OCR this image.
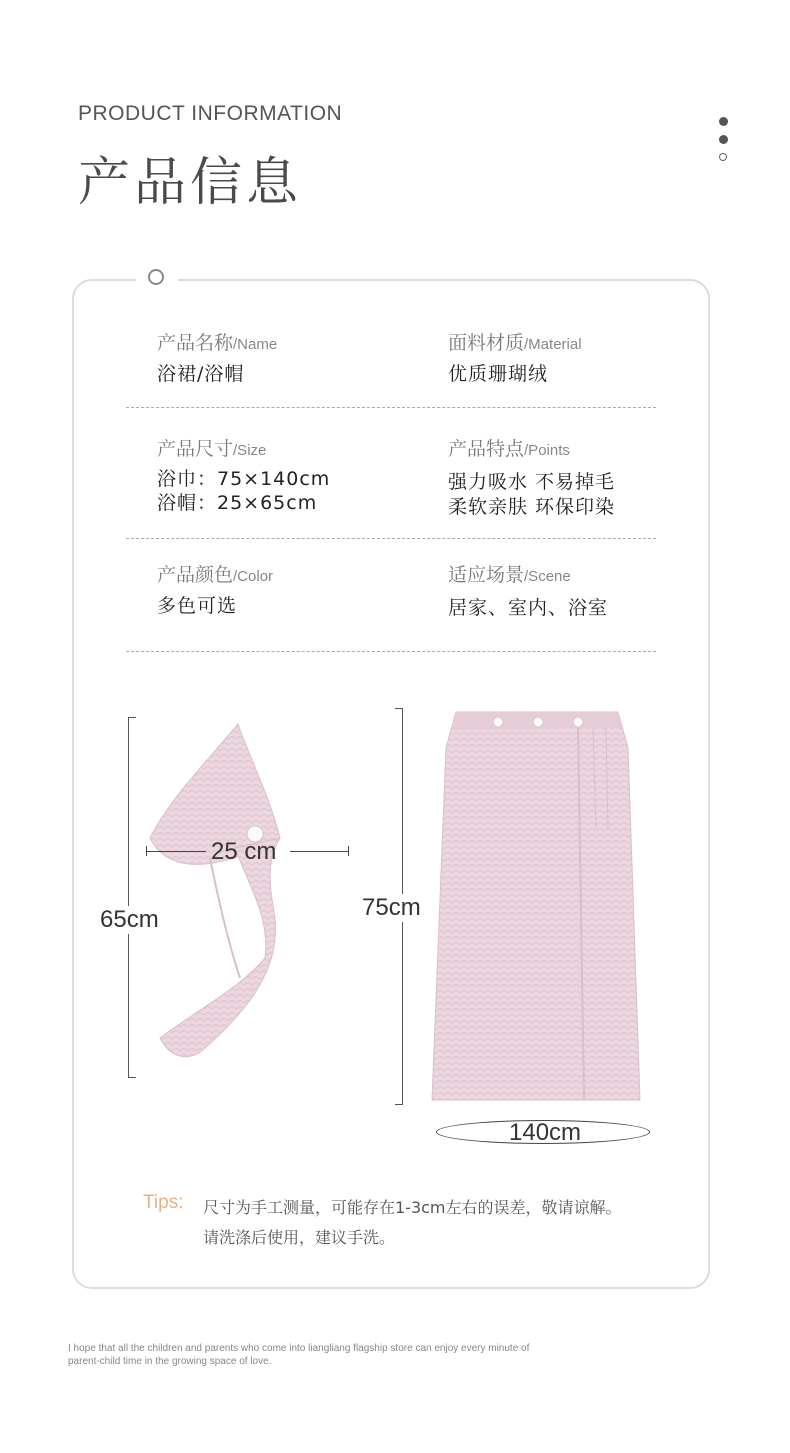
PRODUCT INFORMATION
产品信息
产品名称/Name
浴裙/浴帽
面料材质/Material
优质珊瑚绒
产品尺寸/Size
浴巾：75×140cm
浴帽：25×65cm
产品特点/Points
强力吸水 不易掉毛
柔软亲肤 环保印染
产品颜色/Color
多色可选
适应场景/Scene
居家、室内、浴室
65cm
25 cm
75cm
140cm
Tips: 尺寸为手工测量，可能存在1-3cm左右的误差，敬请谅解。
请洗涤后使用，建议手洗。
I hope that all the children and parents who come into liangliang flagship store can enjoy every minute of
parent-child time in the growing space of love.
